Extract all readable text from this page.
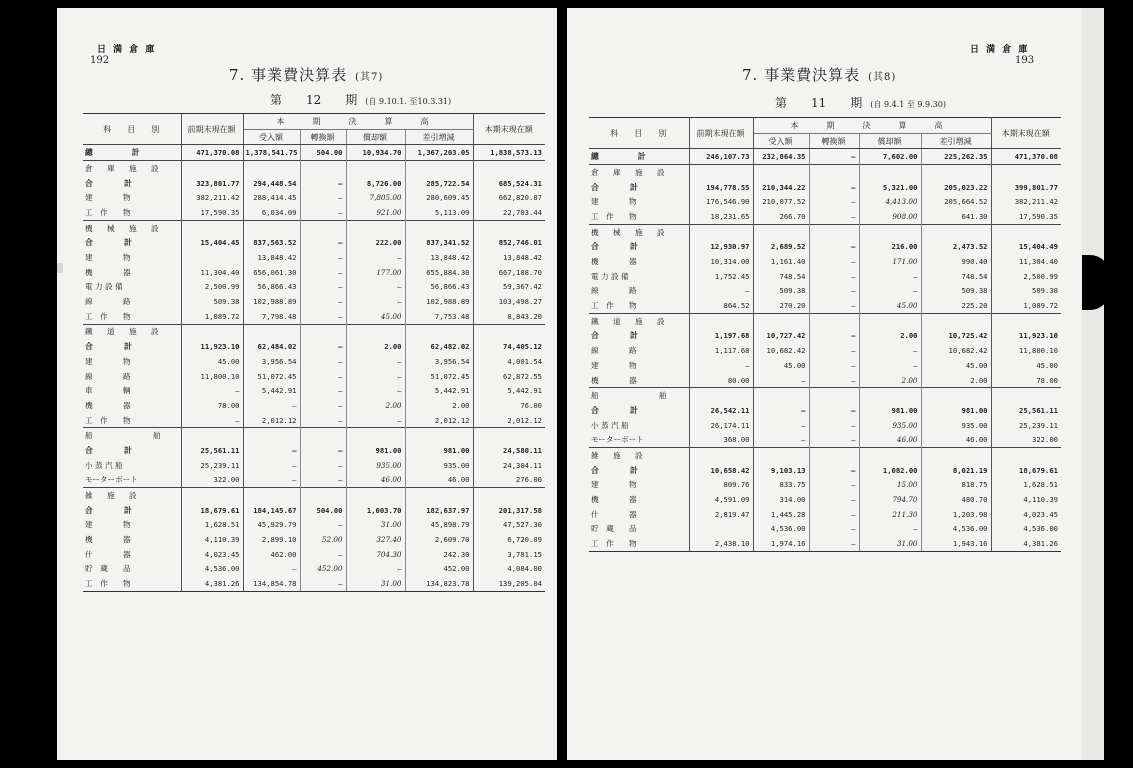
日 満 倉 庫
192
7. 事業費決算表 (其7)
第　　12　　期 (自 9.10.1. 至10.3.31)
科　　目　　別	前期末現在額	本　期　決　算　高				本期末現在額
		受入額	轉換額	償却額	差引増減	
總　　　　　計	471,370.08	1,378,541.75	504.00	10,934.70	1,367,203.05	1,838,573.13
倉 庫 施 設						
合　　　　計	323,801.77	294,448.54	—	8,726.00	285,722.54	685,524.31
建　　　　物	382,211.42	288,414.45	—	7,805.00	280,609.45	662,820.87
工　作　　物	17,590.35	6,034.09	—	921.00	5,113.09	22,703.44
機 械 施 設						
合　　　　計	15,404.45	837,563.52	—	222.00	837,341.52	852,746.01
建　　　　物		13,848.42	—	—	13,848.42	13,848.42
機　　　　器	11,304.40	656,061.30	—	177.00	655,884.30	667,188.70
電 力 設 備	2,500.99	56,866.43	—	—	56,866.43	59,367.42
線　　　　路	509.38	102,988.89	—	—	102,988.89	103,498.27
工　作　　物	1,089.72	7,798.48	—	45.00	7,753.48	8,843.20
鐵 道 施 設						
合　　　　計	11,923.10	62,484.02	—	2.00	62,482.02	74,405.12
建　　　　物	45.00	3,956.54	—	—	3,956.54	4,001.54
線　　　　路	11,800.10	51,072.45	—	—	51,072.45	62,872.55
車　　　　輌	—	5,442.91	—	—	5,442.91	5,442.91
機　　　　器	78.00	—	—	2.00	2.00	76.00
工　作　　物	—	2,012.12	—	—	2,012.12	2,012.12
船　　　　舶						
合　　　　計	25,561.11	—	—	981.00	981.00	24,580.11
小 蒸 汽 船	25,239.11	—	—	935.00	935.00	24,304.11
モーターボート	322.00	—	—	46.00	46.00	276.00
雑 施 設						
合　　　　計	18,679.61	184,145.67	504.00	1,003.70	182,637.97	201,317.58
建　　　　物	1,628.51	45,929.79	—	31.00	45,898.79	47,527.30
機　　　　器	4,110.39	2,899.10	52.00	327.40	2,609.70	6,720.09
什　　　　器	4,023.45	462.00	—	704.30	242.30	3,781.15
貯　蔵　　品	4,536.00	—	452.00	—	452.00	4,084.00
工　作　　物	4,381.26	134,854.78	—	31.00	134,823.78	139,205.04
日 満 倉 庫
193
7. 事業費決算表 (其8)
第　　11　　期 (自 9.4.1 至 9.9.30)
科　　目　　別	前期末現在額	本　期　決　算　高				本期末現在額
		受入額	轉換額	償却額	差引増減	
總　　　　　計	246,107.73	232,864.35	—	7,602.00	225,262.35	471,370.08
倉 庫 施 設						
合　　　　計	194,778.55	210,344.22	—	5,321.00	205,023.22	399,801.77
建　　　　物	176,546.90	210,077.52	—	4,413.00	205,664.52	382,211.42
工　作　　物	18,231.65	266.70	—	908.00	641.30	17,590.35
機 械 施 設						
合　　　　計	12,930.97	2,689.52	—	216.00	2,473.52	15,404.49
機　　　　器	10,314.00	1,161.40	—	171.00	990.40	11,304.40
電 力 設 備	1,752.45	748.54	—	—	748.54	2,500.99
線　　　　路	—	509.38	—	—	509.38	509.38
工　作　　物	864.52	270.20	—	45.00	225.20	1,089.72
鐵 道 施 設						
合　　　　計	1,197.68	10,727.42	—	2.00	10,725.42	11,923.10
線　　　　路	1,117.68	10,682.42	—	—	10,682.42	11,800.10
建　　　　物	—	45.00	—	—	45.00	45.00
機　　　　器	80.00	—	—	2.00	2.00	78.00
船　　　　舶						
合　　　　計	26,542.11	—	—	981.00	981.00	25,561.11
小 蒸 汽 船	26,174.11	—	—	935.00	935.00	25,239.11
モーターボート	368.00	—	—	46.00	46.00	322.00
雑 施 設						
合　　　　計	10,658.42	9,103.13	—	1,082.00	8,021.19	18,679.61
建　　　　物	809.76	833.75	—	15.00	818.75	1,628.51
機　　　　器	4,591.09	314.00	—	794.70	480.70	4,110.39
什　　　　器	2,819.47	1,445.28	—	211.30	1,203.98	4,023.45
貯　蔵　　品		4,536.00	—	—	4,536.00	4,536.00
工　作　　物	2,438.10	1,974.16	—	31.00	1,943.16	4,381.26
